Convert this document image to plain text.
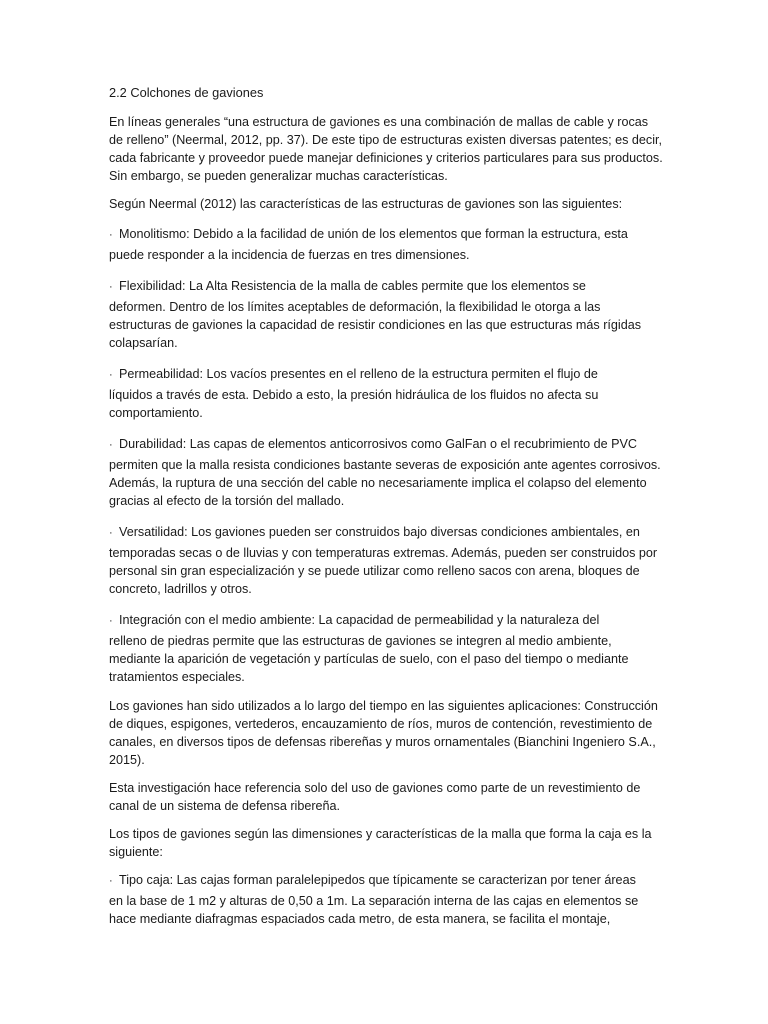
2.2 Colchones de gaviones

En líneas generales “una estructura de gaviones es una combinación de mallas de cable y rocas de relleno” (Neermal, 2012, pp. 37). De este tipo de estructuras existen diversas patentes; es decir, cada fabricante y proveedor puede manejar definiciones y criterios particulares para sus productos. Sin embargo, se pueden generalizar muchas características.

Según Neermal (2012) las características de las estructuras de gaviones son las siguientes:

· Monolitismo: Debido a la facilidad de unión de los elementos que forman la estructura, esta
puede responder a la incidencia de fuerzas en tres dimensiones.
· Flexibilidad: La Alta Resistencia de la malla de cables permite que los elementos se
deformen. Dentro de los límites aceptables de deformación, la flexibilidad le otorga a las estructuras de gaviones la capacidad de resistir condiciones en las que estructuras más rígidas colapsarían.
· Permeabilidad: Los vacíos presentes en el relleno de la estructura permiten el flujo de
líquidos a través de esta. Debido a esto, la presión hidráulica de los fluidos no afecta su comportamiento.
· Durabilidad: Las capas de elementos anticorrosivos como GalFan o el recubrimiento de PVC
permiten que la malla resista condiciones bastante severas de exposición ante agentes corrosivos. Además, la ruptura de una sección del cable no necesariamente implica el colapso del elemento gracias al efecto de la torsión del mallado.
· Versatilidad: Los gaviones pueden ser construidos bajo diversas condiciones ambientales, en
temporadas secas o de lluvias y con temperaturas extremas. Además, pueden ser construidos por personal sin gran especialización y se puede utilizar como relleno sacos con arena, bloques de concreto, ladrillos y otros.
· Integración con el medio ambiente: La capacidad de permeabilidad y la naturaleza del
relleno de piedras permite que las estructuras de gaviones se integren al medio ambiente, mediante la aparición de vegetación y partículas de suelo, con el paso del tiempo o mediante tratamientos especiales.

Los gaviones han sido utilizados a lo largo del tiempo en las siguientes aplicaciones: Construcción de diques, espigones, vertederos, encauzamiento de ríos, muros de contención, revestimiento de canales, en diversos tipos de defensas ribereñas y muros ornamentales (Bianchini Ingeniero S.A., 2015).

Esta investigación hace referencia solo del uso de gaviones como parte de un revestimiento de canal de un sistema de defensa ribereña.

Los tipos de gaviones según las dimensiones y características de la malla que forma la caja es la siguiente:

· Tipo caja: Las cajas forman paralelepipedos que típicamente se caracterizan por tener áreas
en la base de 1 m2 y alturas de 0,50 a 1m. La separación interna de las cajas en elementos se hace mediante diafragmas espaciados cada metro, de esta manera, se facilita el montaje,
